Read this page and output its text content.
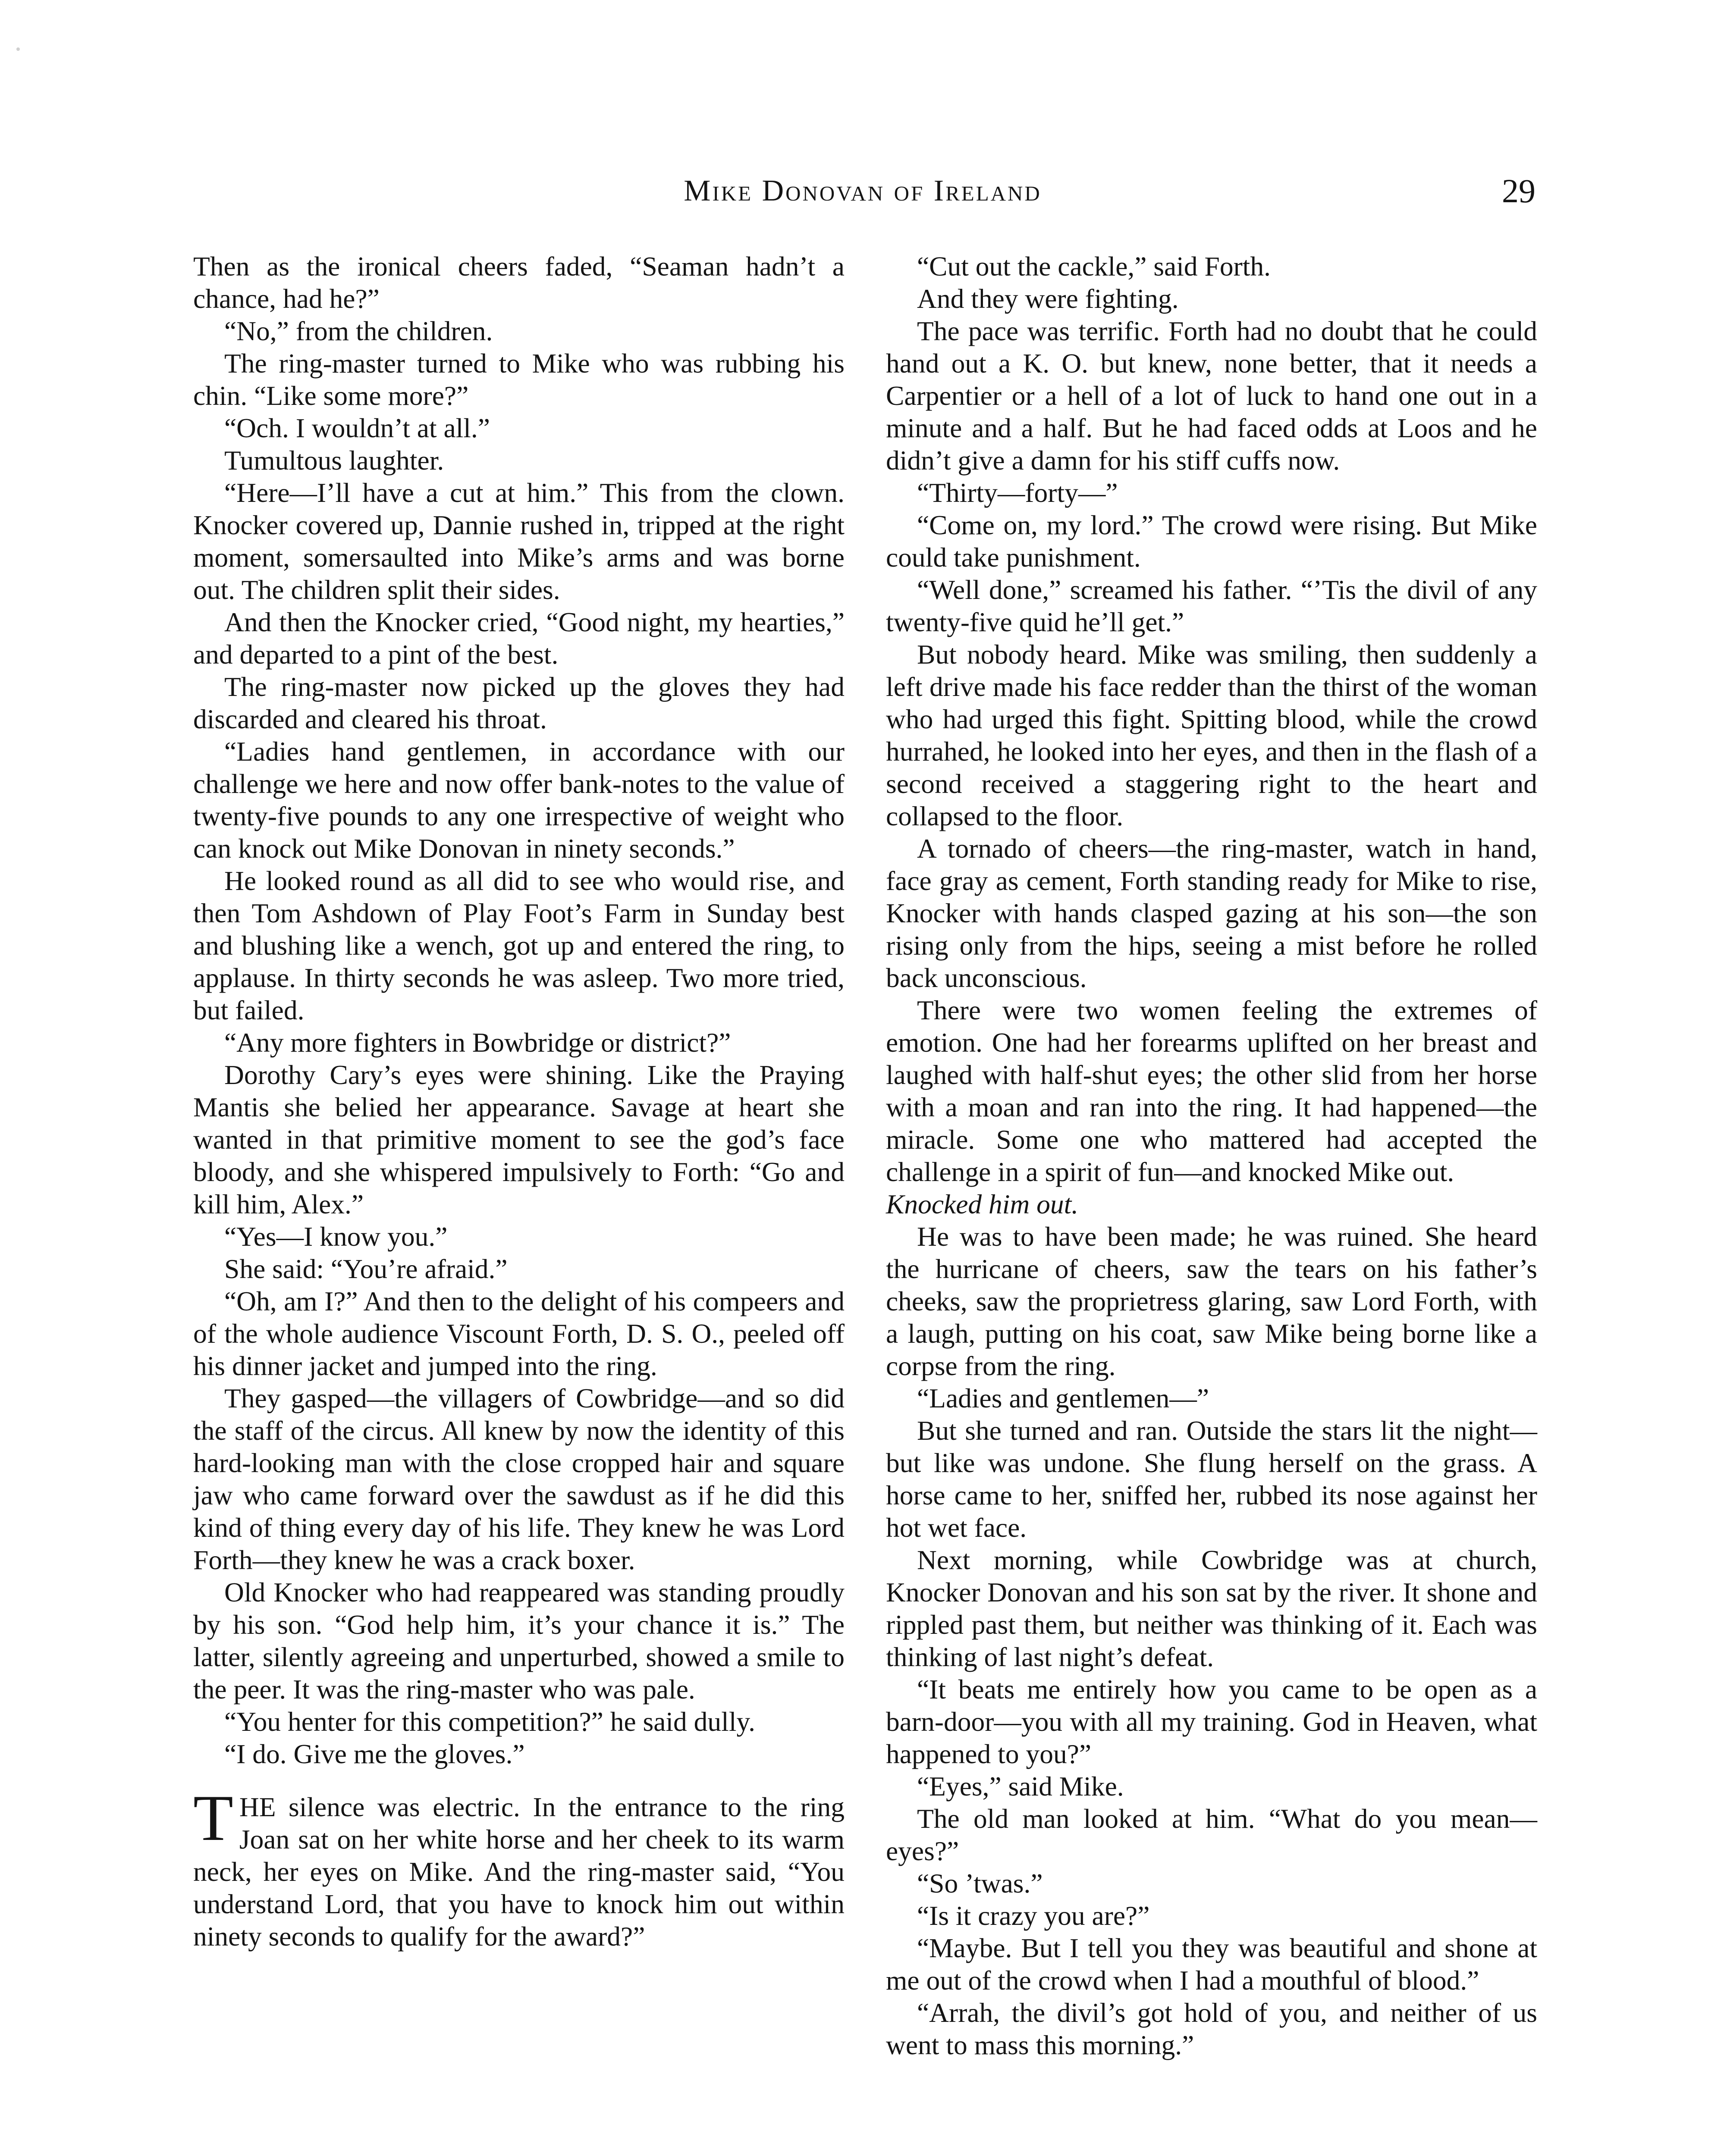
Mike Donovan of Ireland	29

Then as the ironical cheers faded, “Seaman hadn’t a chance, had he?”

“No,” from the children.

The ring-master turned to Mike who was rubbing his chin. “Like some more?”

“Och. I wouldn’t at all.”

Tumultous laughter.

“Here—I’ll have a cut at him.” This from the clown. Knocker covered up, Dannie rushed in, tripped at the right moment, somersaulted into Mike’s arms and was borne out. The children split their sides.

And then the Knocker cried, “Good night, my hearties,” and departed to a pint of the best.

The ring-master now picked up the gloves they had discarded and cleared his throat.

“Ladies hand gentlemen, in accordance with our challenge we here and now offer bank-notes to the value of twenty-five pounds to any one irrespective of weight who can knock out Mike Donovan in ninety seconds.”

He looked round as all did to see who would rise, and then Tom Ashdown of Play Foot’s Farm in Sunday best and blushing like a wench, got up and entered the ring, to applause. In thirty seconds he was asleep. Two more tried, but failed.

“Any more fighters in Bowbridge or district?”

Dorothy Cary’s eyes were shining. Like the Praying Mantis she belied her appearance. Savage at heart she wanted in that primitive moment to see the god’s face bloody, and she whispered impulsively to Forth: “Go and kill him, Alex.”

“Yes—I know you.”

She said: “You’re afraid.”

“Oh, am I?” And then to the delight of his compeers and of the whole audience Viscount Forth, D. S. O., peeled off his dinner jacket and jumped into the ring.

They gasped—the villagers of Cowbridge—and so did the staff of the circus. All knew by now the identity of this hard-looking man with the close cropped hair and square jaw who came forward over the sawdust as if he did this kind of thing every day of his life. They knew he was Lord Forth—they knew he was a crack boxer.

Old Knocker who had reappeared was standing proudly by his son. “God help him, it’s your chance it is.” The latter, silently agreeing and unperturbed, showed a smile to the peer. It was the ring-master who was pale.

“You henter for this competition?” he said dully.

“I do. Give me the gloves.”

THE silence was electric. In the entrance to the ring Joan sat on her white horse and her cheek to its warm neck, her eyes on Mike. And the ring-master said, “You understand Lord, that you have to knock him out within ninety seconds to qualify for the award?”

“Cut out the cackle,” said Forth.

And they were fighting.

The pace was terrific. Forth had no doubt that he could hand out a K. O. but knew, none better, that it needs a Carpentier or a hell of a lot of luck to hand one out in a minute and a half. But he had faced odds at Loos and he didn’t give a damn for his stiff cuffs now.

“Thirty—forty—”

“Come on, my lord.” The crowd were rising. But Mike could take punishment.

“Well done,” screamed his father. “’Tis the divil of any twenty-five quid he’ll get.”

But nobody heard. Mike was smiling, then suddenly a left drive made his face redder than the thirst of the woman who had urged this fight. Spitting blood, while the crowd hurrahed, he looked into her eyes, and then in the flash of a second received a staggering right to the heart and collapsed to the floor.

A tornado of cheers—the ring-master, watch in hand, face gray as cement, Forth standing ready for Mike to rise, Knocker with hands clasped gazing at his son—the son rising only from the hips, seeing a mist before he rolled back unconscious.

There were two women feeling the extremes of emotion. One had her forearms uplifted on her breast and laughed with half-shut eyes; the other slid from her horse with a moan and ran into the ring. It had happened—the miracle. Some one who mattered had accepted the challenge in a spirit of fun—and knocked Mike out.

Knocked him out.

He was to have been made; he was ruined. She heard the hurricane of cheers, saw the tears on his father’s cheeks, saw the proprietress glaring, saw Lord Forth, with a laugh, putting on his coat, saw Mike being borne like a corpse from the ring.

“Ladies and gentlemen—”

But she turned and ran. Outside the stars lit the night—but like was undone. She flung herself on the grass. A horse came to her, sniffed her, rubbed its nose against her hot wet face.

Next morning, while Cowbridge was at church, Knocker Donovan and his son sat by the river. It shone and rippled past them, but neither was thinking of it. Each was thinking of last night’s defeat.

“It beats me entirely how you came to be open as a barn-door—you with all my training. God in Heaven, what happened to you?”

“Eyes,” said Mike.

The old man looked at him. “What do you mean—eyes?”

“So ’twas.”

“Is it crazy you are?”

“Maybe. But I tell you they was beautiful and shone at me out of the crowd when I had a mouthful of blood.”

“Arrah, the divil’s got hold of you, and neither of us went to mass this morning.”
